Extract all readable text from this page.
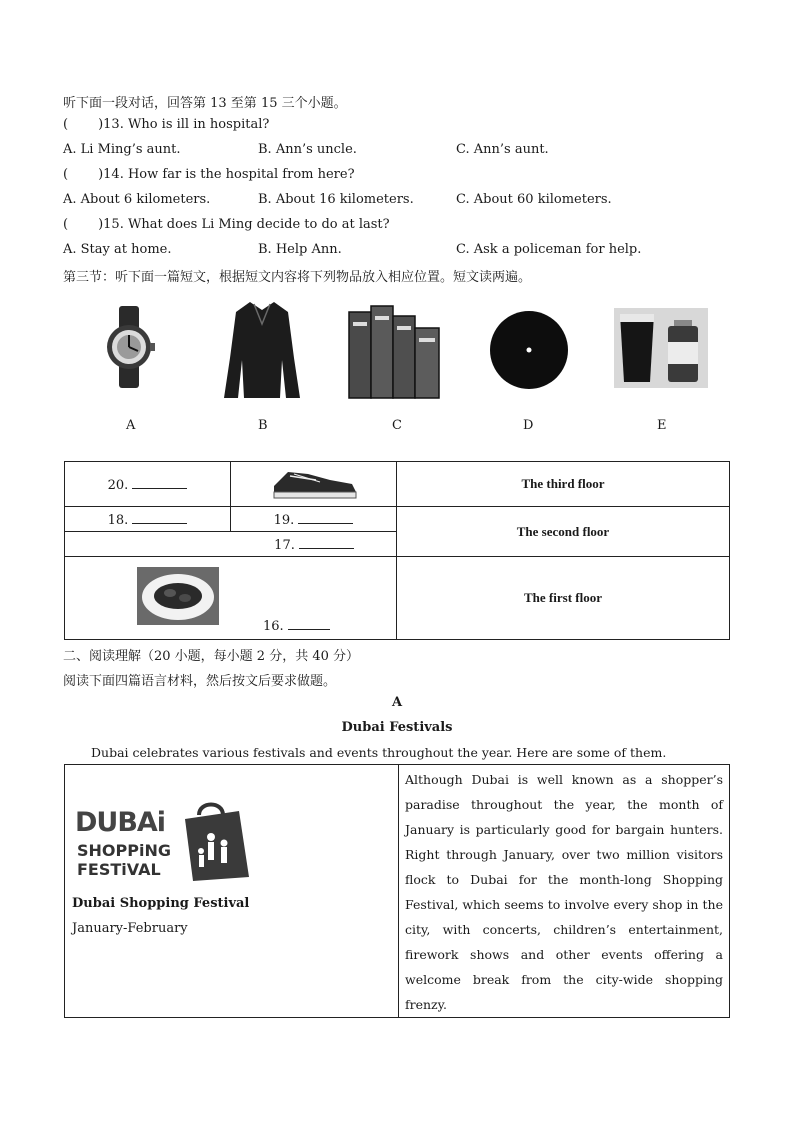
听下面一段对话，回答第 13 至第 15 三个小题。
( )13. Who is ill in hospital?
A. Li Ming’s aunt.	B. Ann’s uncle.	C. Ann’s aunt.
( )14. How far is the hospital from here?
A. About 6 kilometers.	B. About 16 kilometers.	C. About 60 kilometers.
( )15. What does Li Ming decide to do at last?
A. Stay at home.	B. Help Ann.	C. Ask a policeman for help.
第三节：听下面一篇短文，根据短文内容将下列物品放入相应位置。短文读两遍。
A	B	C	D	E
20.		The third floor
18.	19.	The second floor
17.		

16.		The first floor
二、阅读理解（20 小题，每小题 2 分，共 40 分）
阅读下面四篇语言材料，然后按文后要求做题。
A
Dubai Festivals
Dubai celebrates various festivals and events throughout the year. Here are some of them.
DUBAi
SHOPPiNG
FESTiVAL
Dubai Shopping Festival
January-February
	Although Dubai is well known as a shopper’s paradise throughout the year, the month of January is particularly good for bargain hunters. Right through January, over two million visitors flock to Dubai for the month-long Shopping Festival, which seems to involve every shop in the city, with concerts, children’s entertainment, firework shows and other events offering a welcome break from the city-wide shopping frenzy.
